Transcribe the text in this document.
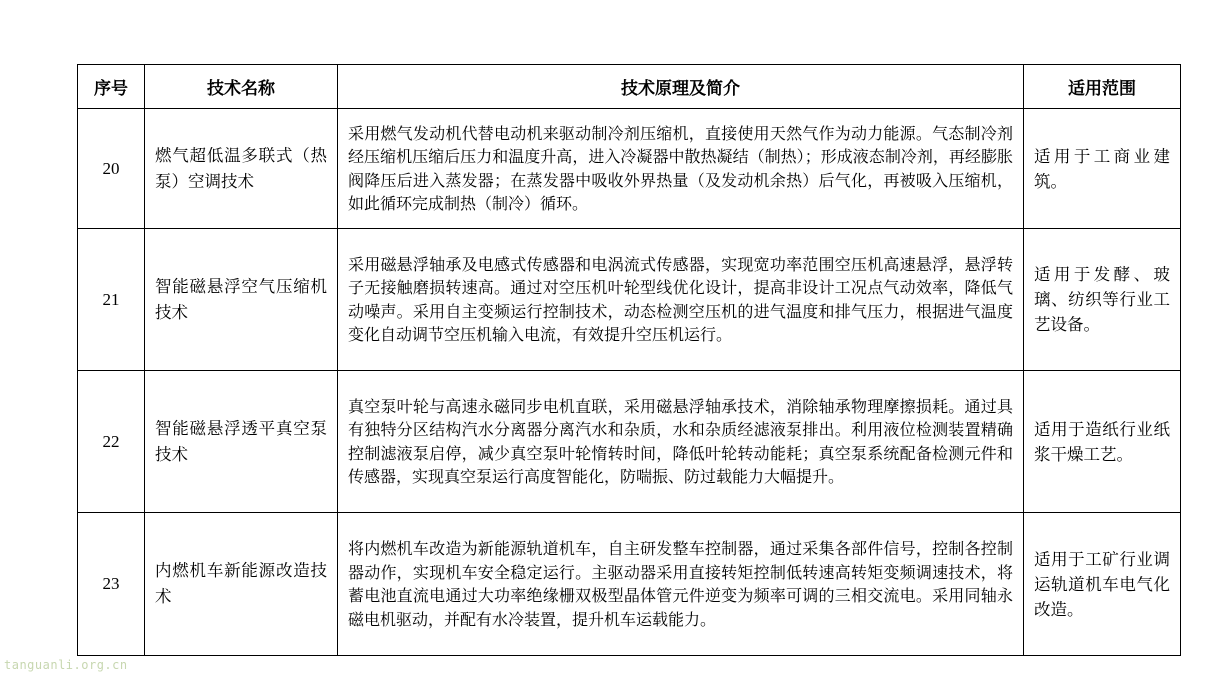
序号	技术名称	技术原理及简介	适用范围
20	燃气超低温多联式（热泵）空调技术	采用燃气发动机代替电动机来驱动制冷剂压缩机，直接使用天然气作为动力能源。气态制冷剂经压缩机压缩后压力和温度升高，进入冷凝器中散热凝结（制热）；形成液态制冷剂，再经膨胀阀降压后进入蒸发器；在蒸发器中吸收外界热量（及发动机余热）后气化，再被吸入压缩机，如此循环完成制热（制冷）循环。	适用于工商业建筑。
21	智能磁悬浮空气压缩机技术	采用磁悬浮轴承及电感式传感器和电涡流式传感器，实现宽功率范围空压机高速悬浮，悬浮转子无接触磨损转速高。通过对空压机叶轮型线优化设计，提高非设计工况点气动效率，降低气动噪声。采用自主变频运行控制技术，动态检测空压机的进气温度和排气压力，根据进气温度变化自动调节空压机输入电流，有效提升空压机运行。	适用于发酵、玻璃、纺织等行业工艺设备。
22	智能磁悬浮透平真空泵技术	真空泵叶轮与高速永磁同步电机直联，采用磁悬浮轴承技术，消除轴承物理摩擦损耗。通过具有独特分区结构汽水分离器分离汽水和杂质，水和杂质经滤液泵排出。利用液位检测装置精确控制滤液泵启停，减少真空泵叶轮惰转时间，降低叶轮转动能耗；真空泵系统配备检测元件和传感器，实现真空泵运行高度智能化，防喘振、防过载能力大幅提升。	适用于造纸行业纸浆干燥工艺。
23	内燃机车新能源改造技术	将内燃机车改造为新能源轨道机车，自主研发整车控制器，通过采集各部件信号，控制各控制器动作，实现机车安全稳定运行。主驱动器采用直接转矩控制低转速高转矩变频调速技术，将蓄电池直流电通过大功率绝缘栅双极型晶体管元件逆变为频率可调的三相交流电。采用同轴永磁电机驱动，并配有水冷装置，提升机车运载能力。	适用于工矿行业调运轨道机车电气化改造。
tanguanli.org.cn
